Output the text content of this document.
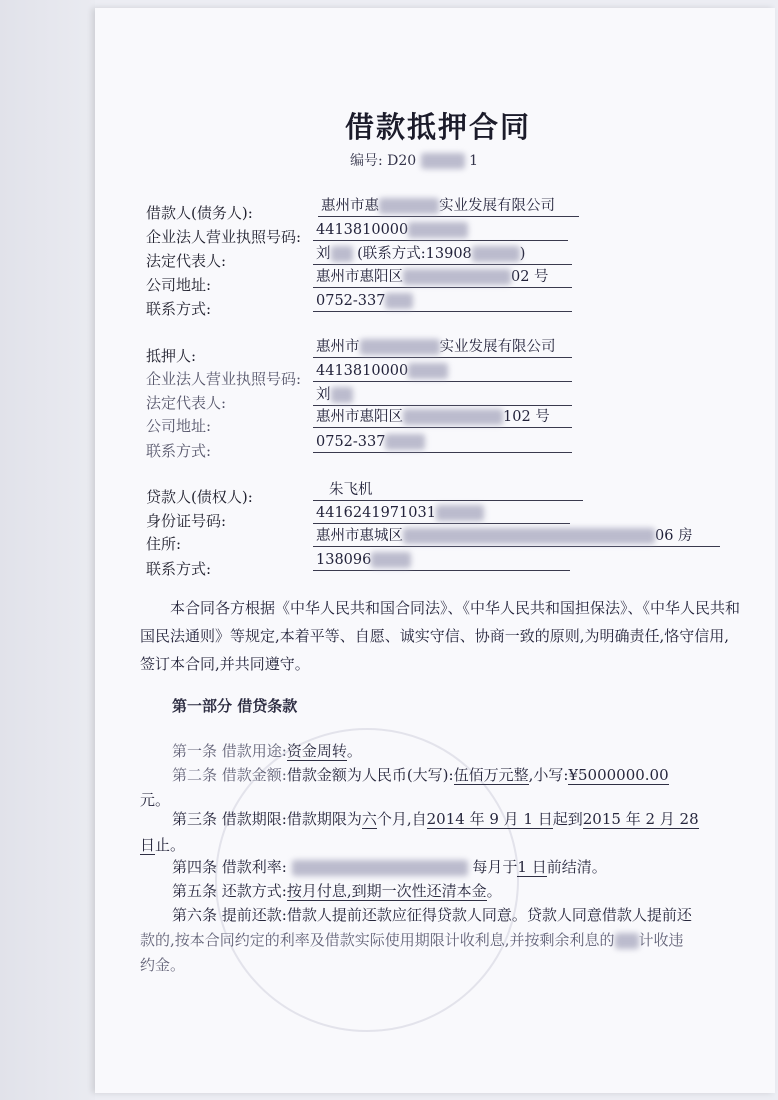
借款抵押合同
编号: D20	1
借款人(债务人):	惠州市惠	实业发展有限公司
企业法人营业执照号码: 4413810000
法定代表人:	刘 (联系方式:13908	)
公司地址:	惠州市惠阳区	02 号
联系方式:	0752-337
抵押人:	惠州市	实业发展有限公司
企业法人营业执照号码: 4413810000
法定代表人:	刘
公司地址:	惠州市惠阳区	102 号
联系方式:	0752-337
贷款人(债权人):	朱飞机
身份证号码:	4416241971031
住所:	惠州市惠城区	06 房
联系方式:	138096
本合同各方根据《中华人民共和国合同法》、《中华人民共和国担保法》、《中华人民共和国民法通则》等规定,本着平等、自愿、诚实守信、协商一致的原则,为明确责任,恪守信用,签订本合同,并共同遵守。
第一部分 借贷条款
第一条 借款用途:资金周转。
第二条 借款金额:借款金额为人民币(大写):伍佰万元整,小写:¥5000000.00
元。
第三条 借款期限:借款期限为六个月,自2014 年 9 月 1 日起到2015 年 2 月 28
日止。
第四条 借款利率:	每月于1 日前结清。
第五条 还款方式:按月付息,到期一次性还清本金。
第六条 提前还款:借款人提前还款应征得贷款人同意。贷款人同意借款人提前还
款的,按本合同约定的利率及借款实际使用期限计收利息,并按剩余利息的 计收违
约金。
